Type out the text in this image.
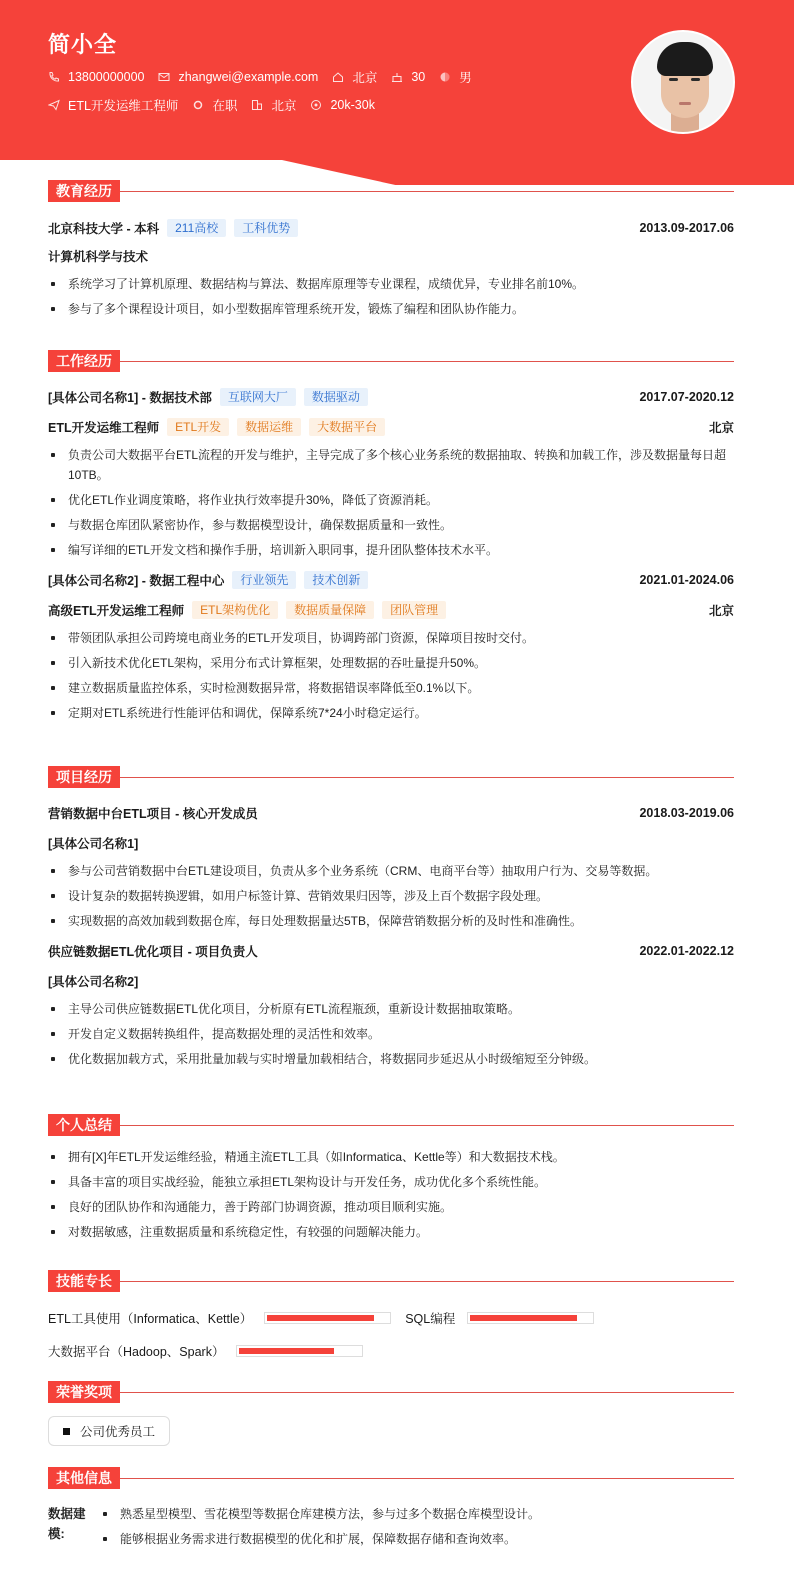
简小全
13800000000	zhangwei@example.com	北京	30	男
ETL开发运维工程师	在职	北京	20k-30k
教育经历
北京科技大学 - 本科	211高校	工科优势	2013.09-2017.06
计算机科学与技术
系统学习了计算机原理、数据结构与算法、数据库原理等专业课程，成绩优异，专业排名前10%。
参与了多个课程设计项目，如小型数据库管理系统开发，锻炼了编程和团队协作能力。
工作经历
[具体公司名称1] - 数据技术部	互联网大厂	数据驱动	2017.07-2020.12
ETL开发运维工程师	ETL开发	数据运维	大数据平台	北京
负责公司大数据平台ETL流程的开发与维护，主导完成了多个核心业务系统的数据抽取、转换和加载工作，涉及数据量每日超10TB。
优化ETL作业调度策略，将作业执行效率提升30%，降低了资源消耗。
与数据仓库团队紧密协作，参与数据模型设计，确保数据质量和一致性。
编写详细的ETL开发文档和操作手册，培训新入职同事，提升团队整体技术水平。
[具体公司名称2] - 数据工程中心	行业领先	技术创新	2021.01-2024.06
高级ETL开发运维工程师	ETL架构优化	数据质量保障	团队管理	北京
带领团队承担公司跨境电商业务的ETL开发项目，协调跨部门资源，保障项目按时交付。
引入新技术优化ETL架构，采用分布式计算框架，处理数据的吞吐量提升50%。
建立数据质量监控体系，实时检测数据异常，将数据错误率降低至0.1%以下。
定期对ETL系统进行性能评估和调优，保障系统7*24小时稳定运行。
项目经历
营销数据中台ETL项目 - 核心开发成员	2018.03-2019.06
[具体公司名称1]
参与公司营销数据中台ETL建设项目，负责从多个业务系统（CRM、电商平台等）抽取用户行为、交易等数据。
设计复杂的数据转换逻辑，如用户标签计算、营销效果归因等，涉及上百个数据字段处理。
实现数据的高效加载到数据仓库，每日处理数据量达5TB，保障营销数据分析的及时性和准确性。
供应链数据ETL优化项目 - 项目负责人	2022.01-2022.12
[具体公司名称2]
主导公司供应链数据ETL优化项目，分析原有ETL流程瓶颈，重新设计数据抽取策略。
开发自定义数据转换组件，提高数据处理的灵活性和效率。
优化数据加载方式，采用批量加载与实时增量加载相结合，将数据同步延迟从小时级缩短至分钟级。
个人总结
拥有[X]年ETL开发运维经验，精通主流ETL工具（如Informatica、Kettle等）和大数据技术栈。
具备丰富的项目实战经验，能独立承担ETL架构设计与开发任务，成功优化多个系统性能。
良好的团队协作和沟通能力，善于跨部门协调资源，推动项目顺利实施。
对数据敏感，注重数据质量和系统稳定性，有较强的问题解决能力。
技能专长
ETL工具使用（Informatica、Kettle）	SQL编程
大数据平台（Hadoop、Spark）
荣誉奖项
公司优秀员工
其他信息
数据建模:
熟悉星型模型、雪花模型等数据仓库建模方法，参与过多个数据仓库模型设计。
能够根据业务需求进行数据模型的优化和扩展，保障数据存储和查询效率。
